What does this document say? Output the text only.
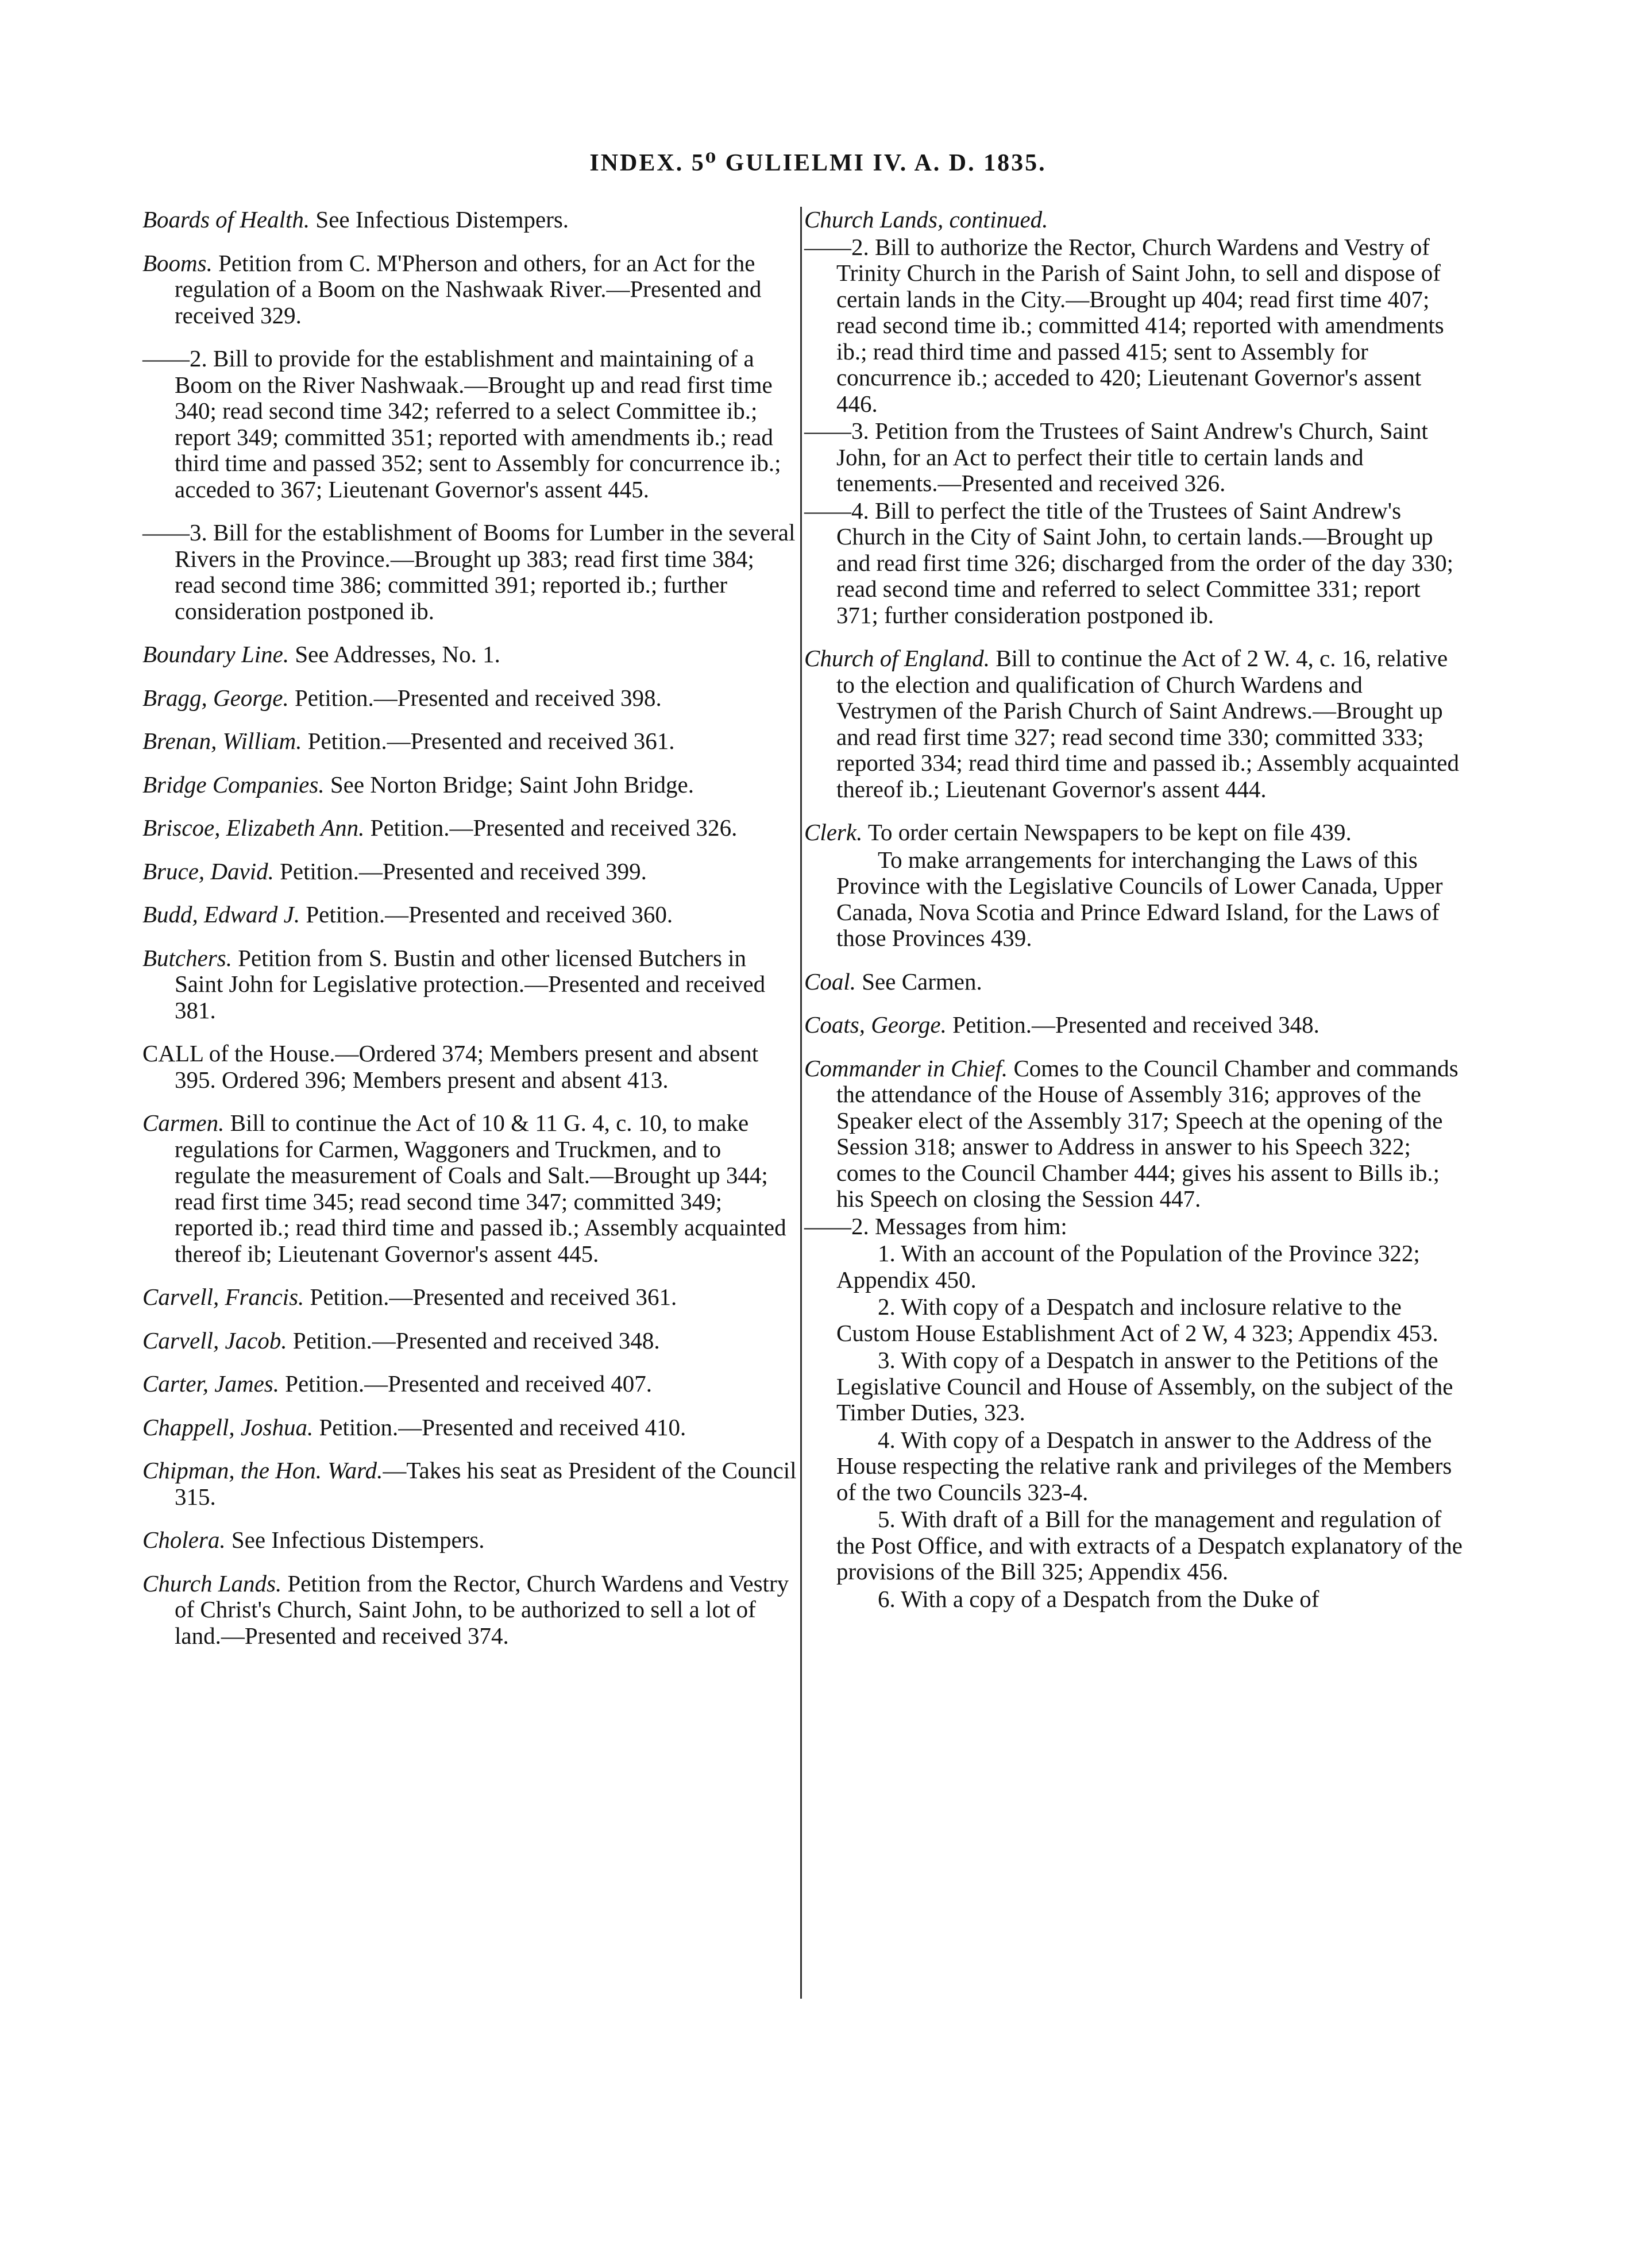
INDEX. 5⁰ GULIELMI IV. A. D. 1835.
Boards of Health. See Infectious Distempers.
Booms. Petition from C. M'Pherson and others, for an Act for the regulation of a Boom on the Nashwaak River.—Presented and received 329.
——2. Bill to provide for the establishment and maintaining of a Boom on the River Nashwaak.—Brought up and read first time 340; read second time 342; referred to a select Committee ib.; report 349; committed 351; reported with amendments ib.; read third time and passed 352; sent to Assembly for concurrence ib.; acceded to 367; Lieutenant Governor's assent 445.
——3. Bill for the establishment of Booms for Lumber in the several Rivers in the Province.—Brought up 383; read first time 384; read second time 386; committed 391; reported ib.; further consideration postponed ib.
Boundary Line. See Addresses, No. 1.
Bragg, George. Petition.—Presented and received 398.
Brenan, William. Petition.—Presented and received 361.
Bridge Companies. See Norton Bridge; Saint John Bridge.
Briscoe, Elizabeth Ann. Petition.—Presented and received 326.
Bruce, David. Petition.—Presented and received 399.
Budd, Edward J. Petition.—Presented and received 360.
Butchers. Petition from S. Bustin and other licensed Butchers in Saint John for Legislative protection.—Presented and received 381.
CALL of the House.—Ordered 374; Members present and absent 395. Ordered 396; Members present and absent 413.
Carmen. Bill to continue the Act of 10 & 11 G. 4, c. 10, to make regulations for Carmen, Waggoners and Truckmen, and to regulate the measurement of Coals and Salt.—Brought up 344; read first time 345; read second time 347; committed 349; reported ib.; read third time and passed ib.; Assembly acquainted thereof ib; Lieutenant Governor's assent 445.
Carvell, Francis. Petition.—Presented and received 361.
Carvell, Jacob. Petition.—Presented and received 348.
Carter, James. Petition.—Presented and received 407.
Chappell, Joshua. Petition.—Presented and received 410.
Chipman, the Hon. Ward.—Takes his seat as President of the Council 315.
Cholera. See Infectious Distempers.
Church Lands. Petition from the Rector, Church Wardens and Vestry of Christ's Church, Saint John, to be authorized to sell a lot of land.—Presented and received 374.
Church Lands, continued.
——2. Bill to authorize the Rector, Church Wardens and Vestry of Trinity Church in the Parish of Saint John, to sell and dispose of certain lands in the City.—Brought up 404; read first time 407; read second time ib.; committed 414; reported with amendments ib.; read third time and passed 415; sent to Assembly for concurrence ib.; acceded to 420; Lieutenant Governor's assent 446.
——3. Petition from the Trustees of Saint Andrew's Church, Saint John, for an Act to perfect their title to certain lands and tenements.—Presented and received 326.
——4. Bill to perfect the title of the Trustees of Saint Andrew's Church in the City of Saint John, to certain lands.—Brought up and read first time 326; discharged from the order of the day 330; read second time and referred to select Committee 331; report 371; further consideration postponed ib.
Church of England. Bill to continue the Act of 2 W. 4, c. 16, relative to the election and qualification of Church Wardens and Vestrymen of the Parish Church of Saint Andrews.—Brought up and read first time 327; read second time 330; committed 333; reported 334; read third time and passed ib.; Assembly acquainted thereof ib.; Lieutenant Governor's assent 444.
Clerk. To order certain Newspapers to be kept on file 439.
To make arrangements for interchanging the Laws of this Province with the Legislative Councils of Lower Canada, Upper Canada, Nova Scotia and Prince Edward Island, for the Laws of those Provinces 439.
Coal. See Carmen.
Coats, George. Petition.—Presented and received 348.
Commander in Chief. Comes to the Council Chamber and commands the attendance of the House of Assembly 316; approves of the Speaker elect of the Assembly 317; Speech at the opening of the Session 318; answer to Address in answer to his Speech 322; comes to the Council Chamber 444; gives his assent to Bills ib.; his Speech on closing the Session 447.
——2. Messages from him:
1. With an account of the Population of the Province 322; Appendix 450.
2. With copy of a Despatch and inclosure relative to the Custom House Establishment Act of 2 W, 4 323; Appendix 453.
3. With copy of a Despatch in answer to the Petitions of the Legislative Council and House of Assembly, on the subject of the Timber Duties, 323.
4. With copy of a Despatch in answer to the Address of the House respecting the relative rank and privileges of the Members of the two Councils 323-4.
5. With draft of a Bill for the management and regulation of the Post Office, and with extracts of a Despatch explanatory of the provisions of the Bill 325; Appendix 456.
6. With a copy of a Despatch from the Duke of
